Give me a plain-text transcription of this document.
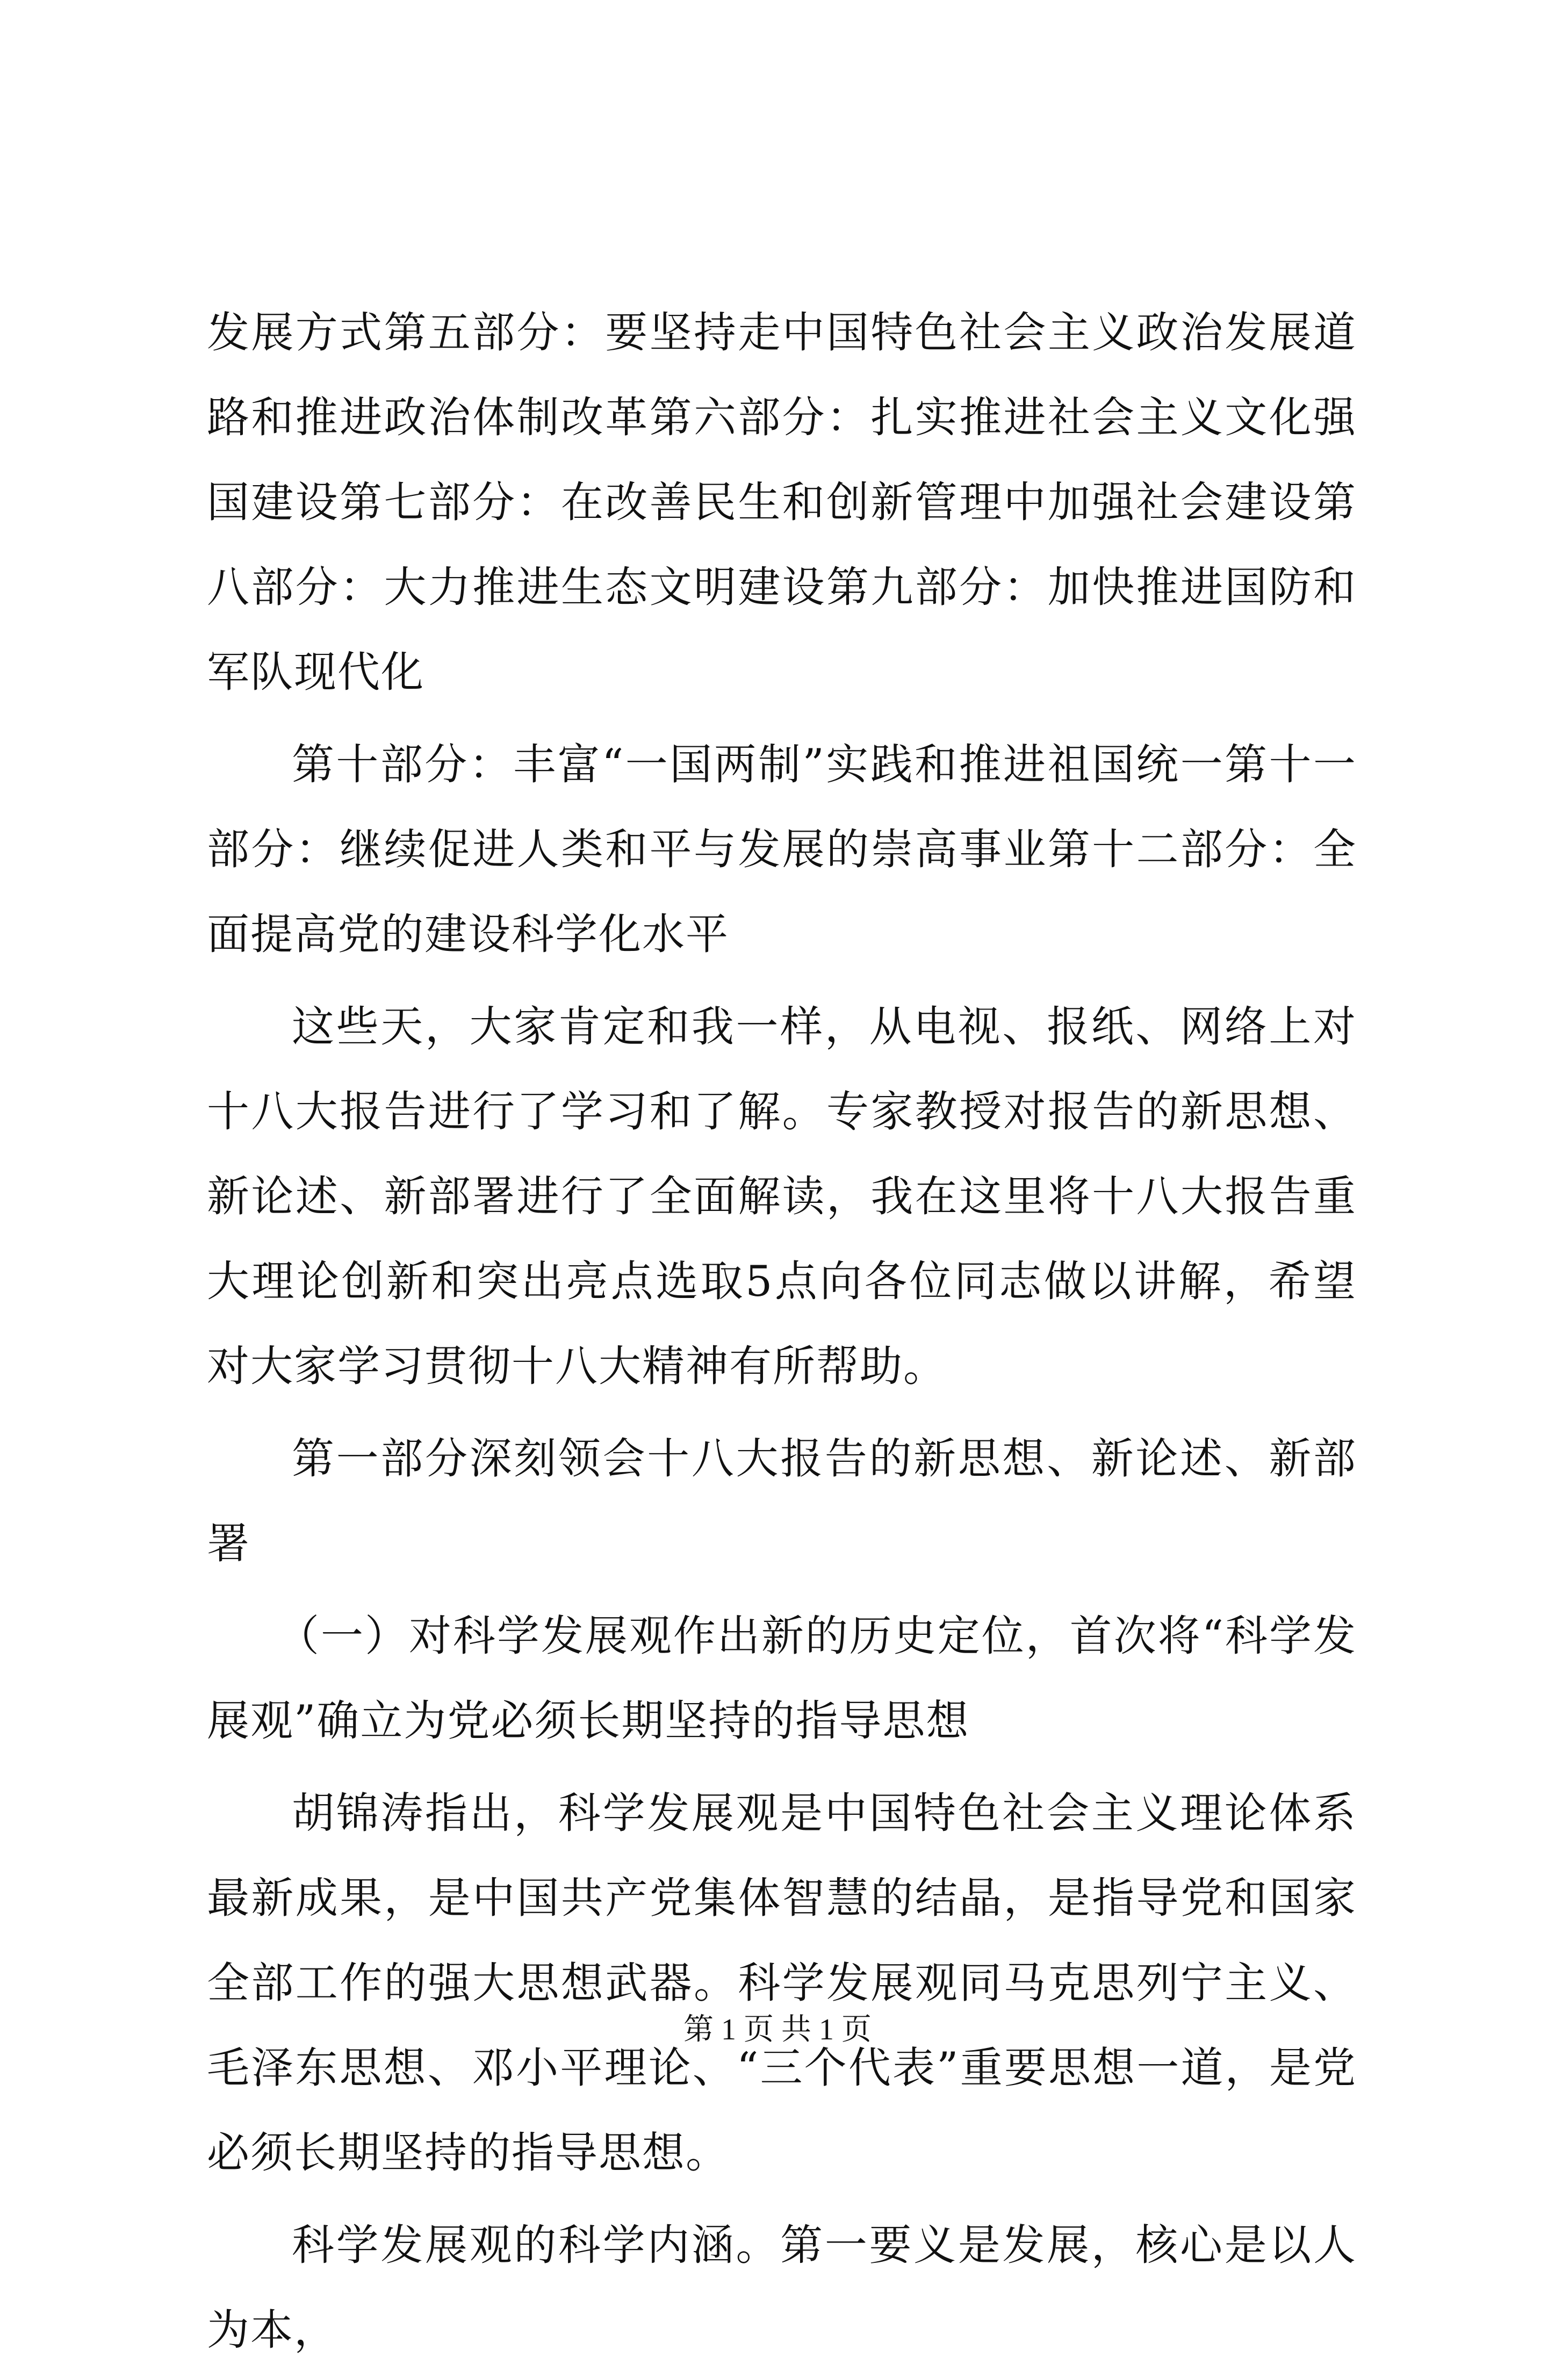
发展方式第五部分：要坚持走中国特色社会主义政治发展道路和推进政治体制改革第六部分：扎实推进社会主义文化强国建设第七部分：在改善民生和创新管理中加强社会建设第八部分：大力推进生态文明建设第九部分：加快推进国防和军队现代化

第十部分：丰富“一国两制”实践和推进祖国统一第十一部分：继续促进人类和平与发展的崇高事业第十二部分：全面提高党的建设科学化水平

这些天，大家肯定和我一样，从电视、报纸、网络上对十八大报告进行了学习和了解。专家教授对报告的新思想、新论述、新部署进行了全面解读，我在这里将十八大报告重大理论创新和突出亮点选取5点向各位同志做以讲解，希望对大家学习贯彻十八大精神有所帮助。

第一部分深刻领会十八大报告的新思想、新论述、新部署

（一）对科学发展观作出新的历史定位，首次将“科学发展观”确立为党必须长期坚持的指导思想

胡锦涛指出，科学发展观是中国特色社会主义理论体系最新成果，是中国共产党集体智慧的结晶，是指导党和国家全部工作的强大思想武器。科学发展观同马克思列宁主义、毛泽东思想、邓小平理论、“三个代表”重要思想一道，是党必须长期坚持的指导思想。

科学发展观的科学内涵。第一要义是发展，核心是以人为本，

第 1 页 共 1 页
